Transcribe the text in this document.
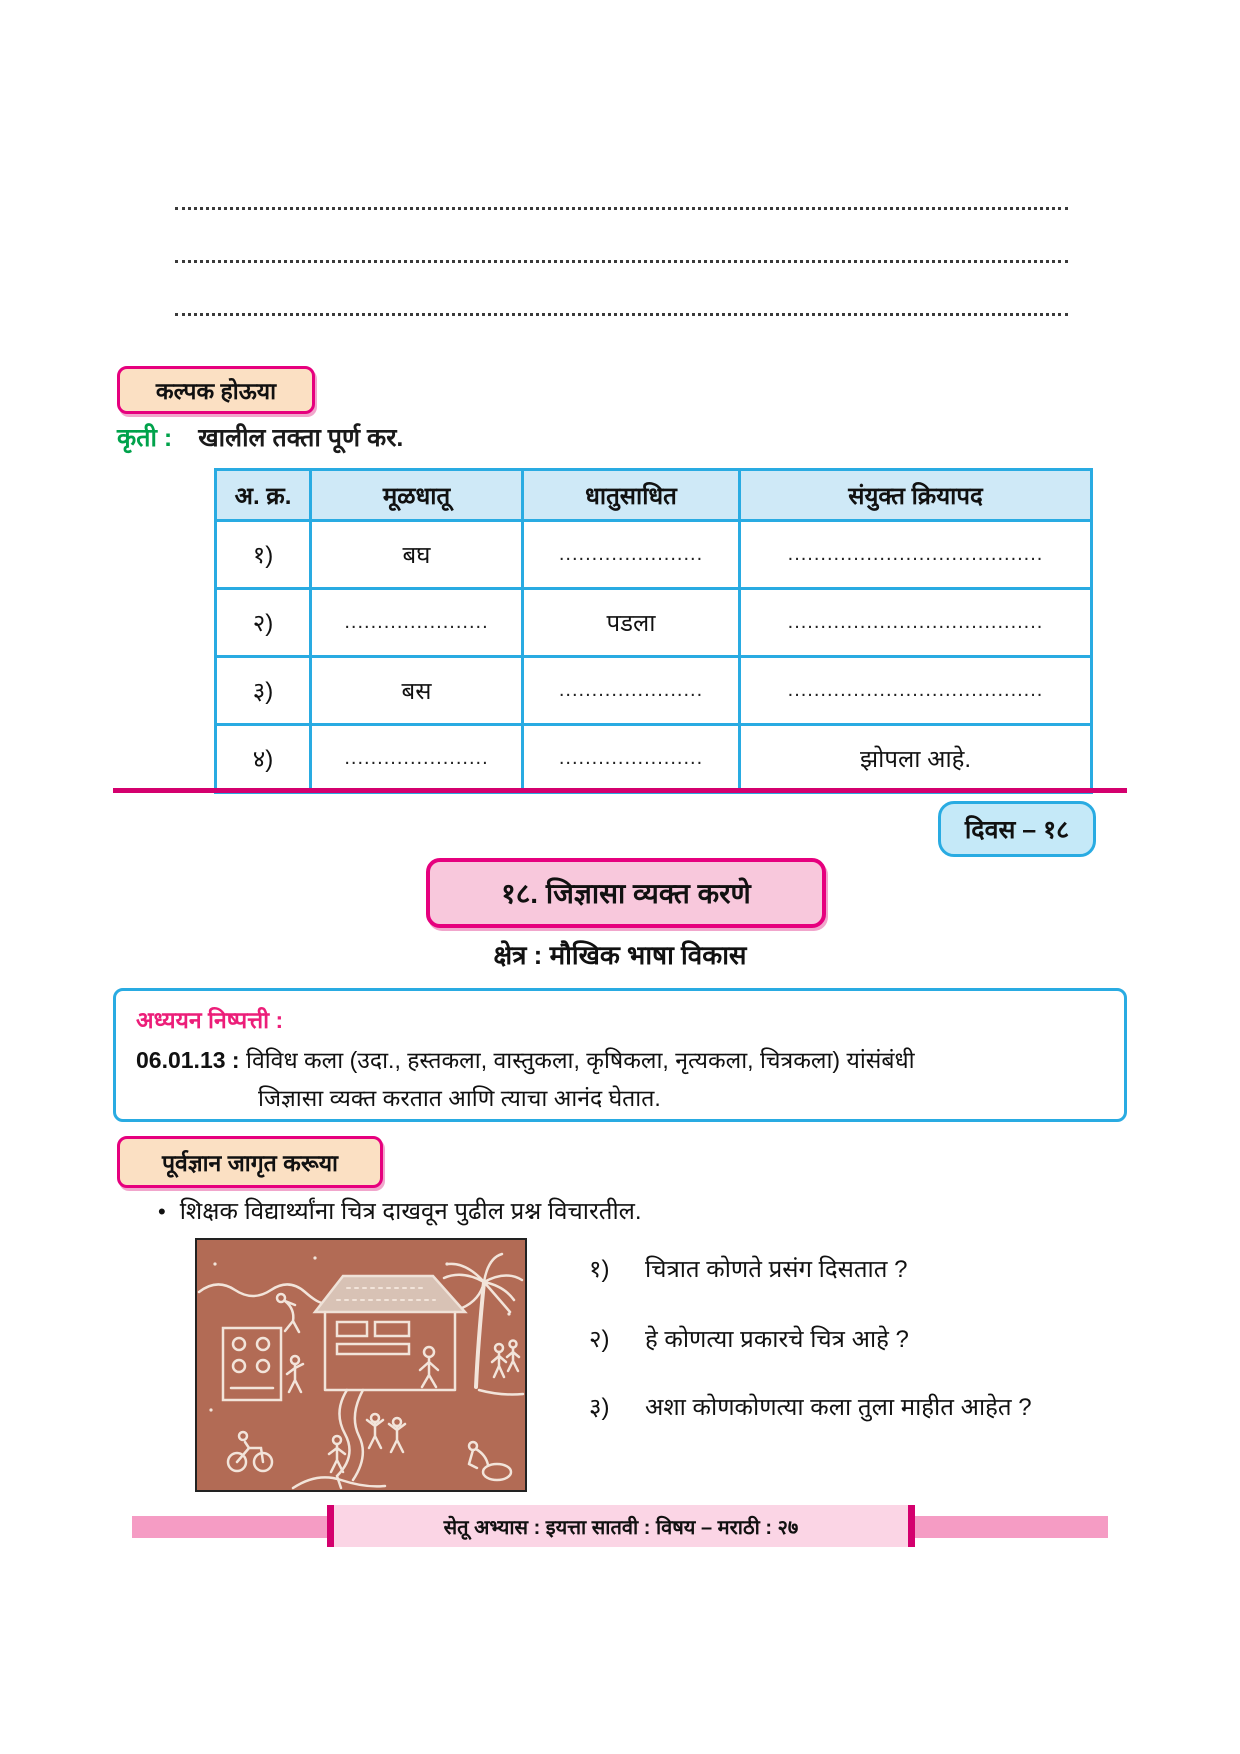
कल्पक होऊया
कृती : खालील तक्ता पूर्ण कर.
अ. क्र.	मूळधातू	धातुसाधित	संयुक्त क्रियापद
१)	बघ	......................	.......................................
२)	......................	पडला	.......................................
३)	बस	......................	.......................................
४)	......................	......................	झोपला आहे.
दिवस – १८
१८. जिज्ञासा व्यक्त करणे
क्षेत्र : मौखिक भाषा विकास
अध्ययन निष्पत्ती :
06.01.13 : विविध कला (उदा., हस्तकला, वास्तुकला, कृषिकला, नृत्यकला, चित्रकला) यांसंबंधी
जिज्ञासा व्यक्त करतात आणि त्याचा आनंद घेतात.
पूर्वज्ञान जागृत करूया
• शिक्षक विद्यार्थ्यांना चित्र दाखवून पुढील प्रश्न विचारतील.
१) चित्रात कोणते प्रसंग दिसतात ?
२) हे कोणत्या प्रकारचे चित्र आहे ?
३) अशा कोणकोणत्या कला तुला माहीत आहेत ?
सेतू अभ्यास : इयत्ता सातवी : विषय – मराठी : २७
